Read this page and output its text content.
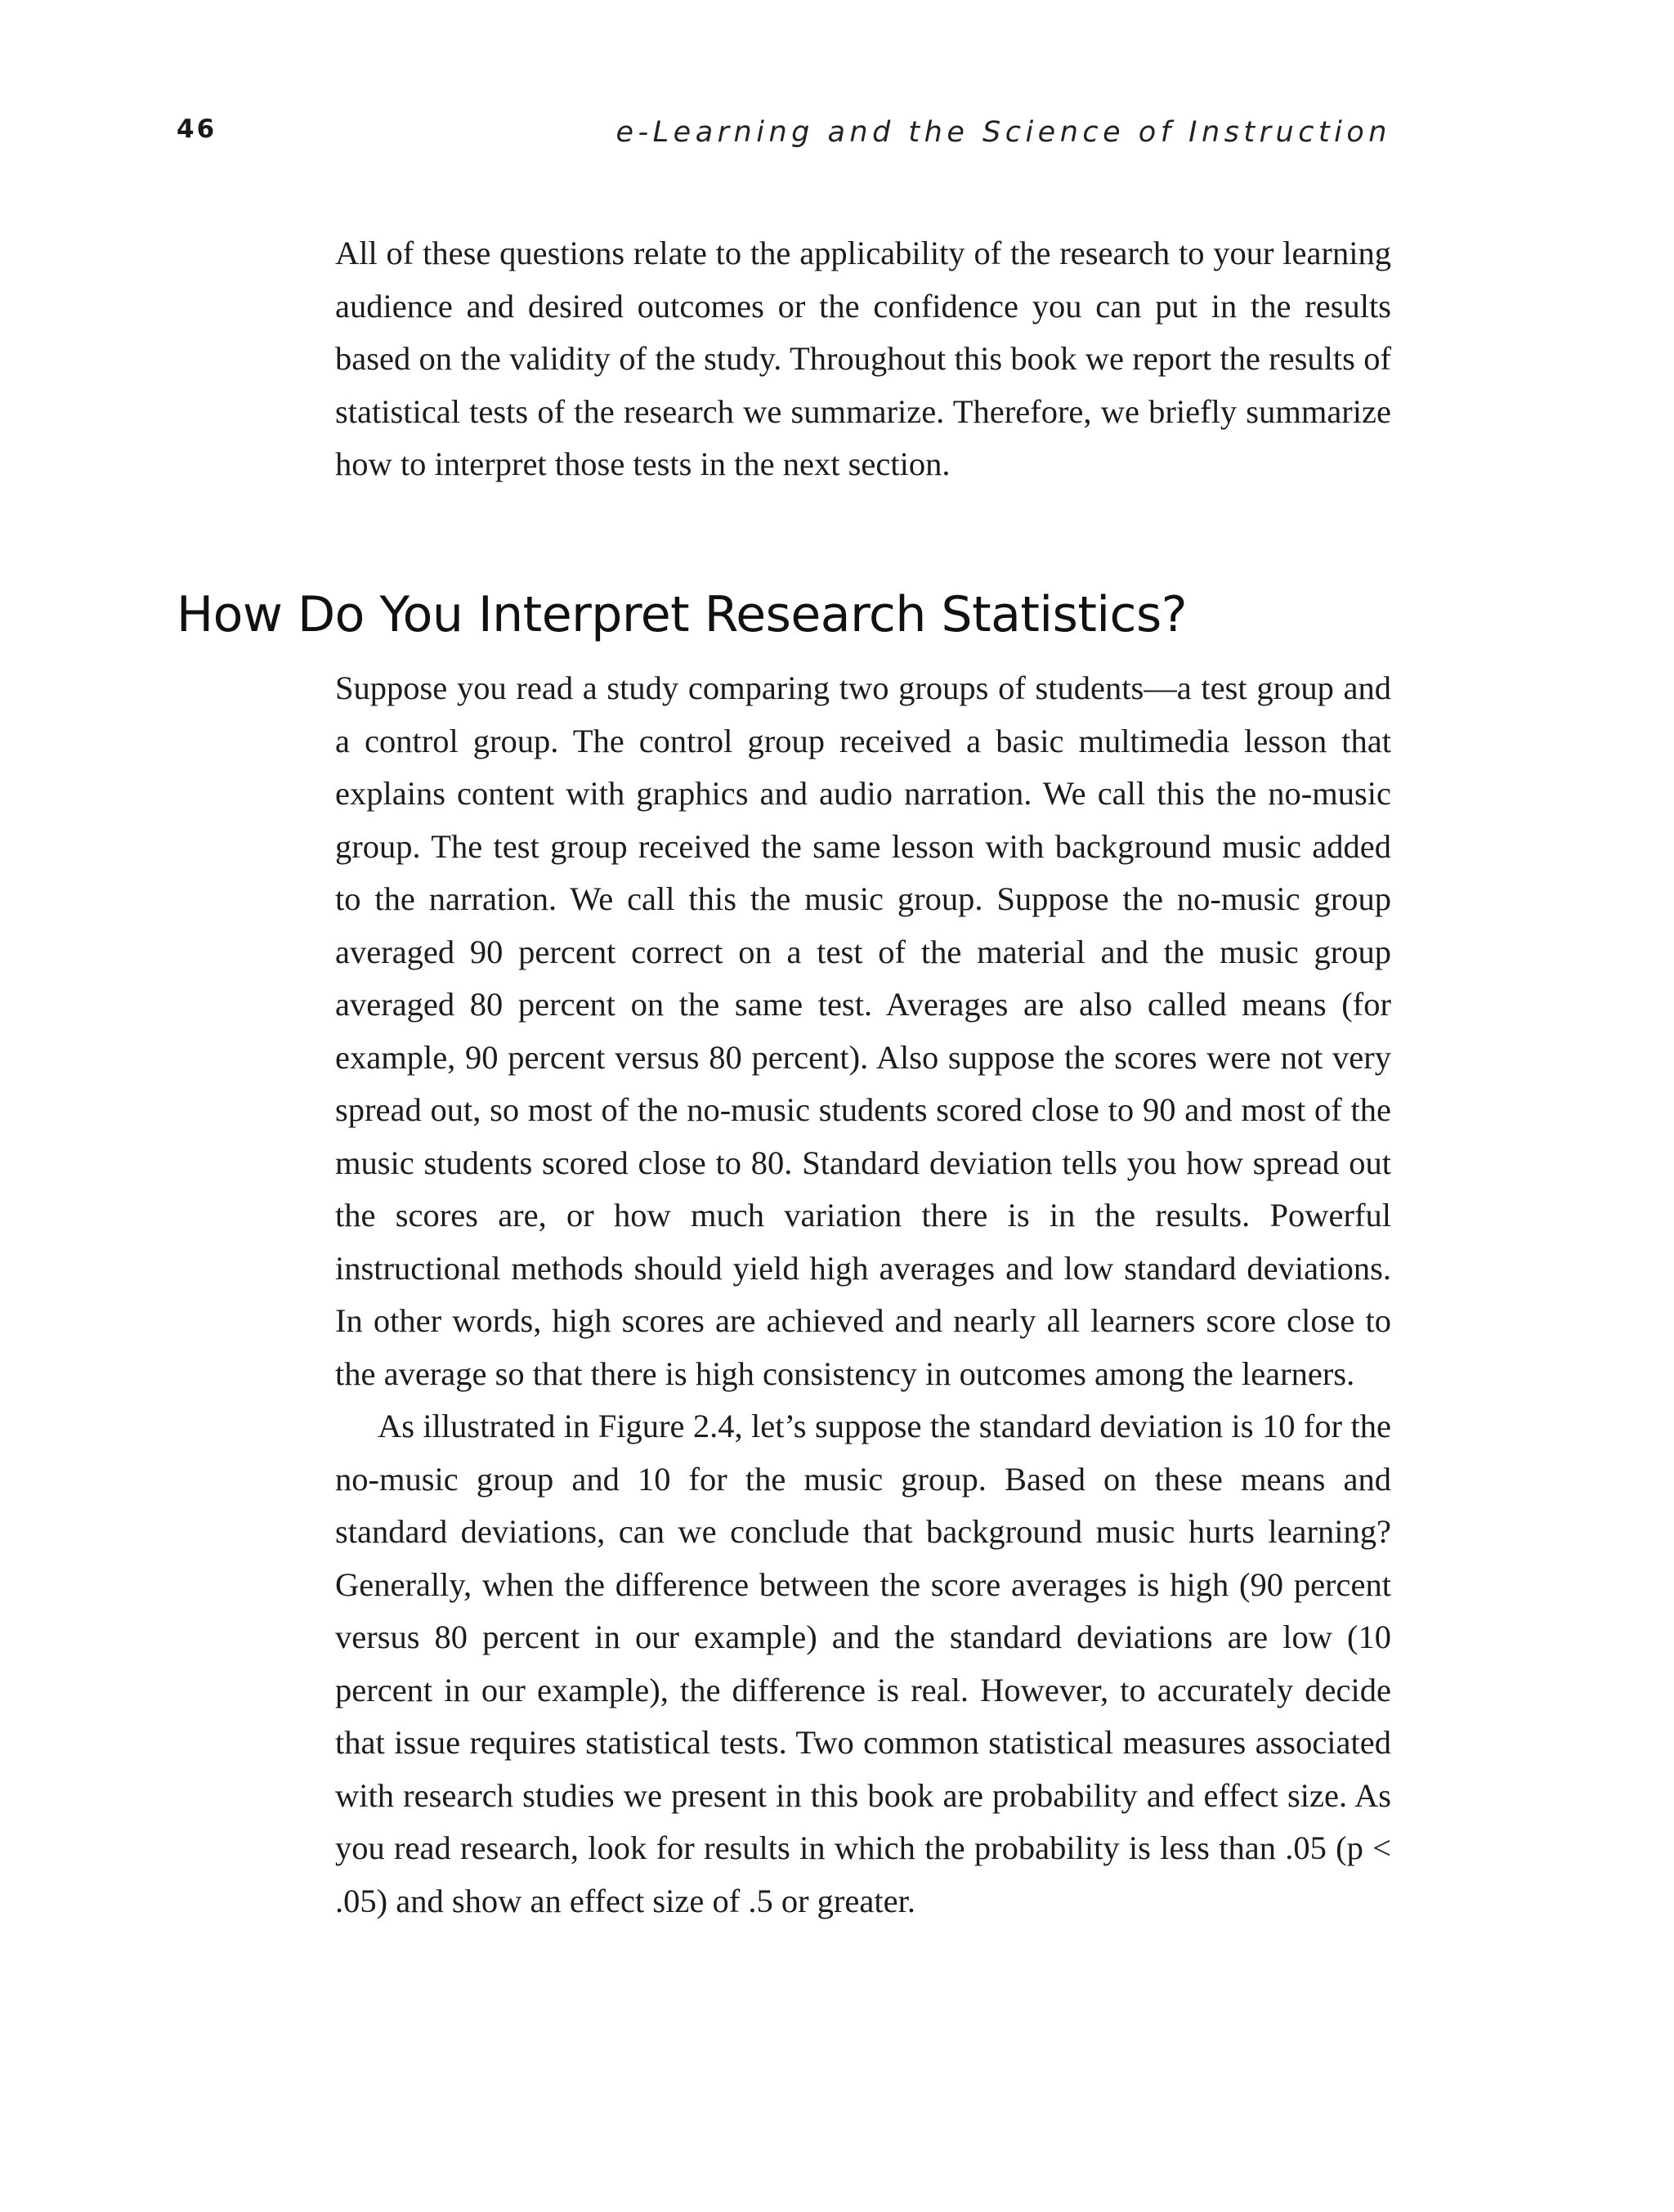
46	e-Learning and the Science of Instruction

All of these questions relate to the applicability of the research to your learning audience and desired outcomes or the confidence you can put in the results based on the validity of the study. Throughout this book we report the results of statistical tests of the research we summarize. Therefore, we briefly summarize how to interpret those tests in the next section.

How Do You Interpret Research Statistics?

Suppose you read a study comparing two groups of students—a test group and a control group. The control group received a basic multimedia lesson that explains content with graphics and audio narration. We call this the no-music group. The test group received the same lesson with background music added to the narration. We call this the music group. Suppose the no-music group averaged 90 percent correct on a test of the material and the music group averaged 80 percent on the same test. Averages are also called means (for example, 90 percent versus 80 percent). Also suppose the scores were not very spread out, so most of the no-music students scored close to 90 and most of the music students scored close to 80. Standard deviation tells you how spread out the scores are, or how much variation there is in the results. Powerful instructional methods should yield high averages and low standard deviations. In other words, high scores are achieved and nearly all learners score close to the average so that there is high consistency in outcomes among the learners.

As illustrated in Figure 2.4, let’s suppose the standard deviation is 10 for the no-music group and 10 for the music group. Based on these means and standard deviations, can we conclude that background music hurts learning? Generally, when the difference between the score averages is high (90 percent versus 80 percent in our example) and the standard deviations are low (10 percent in our example), the difference is real. However, to accurately decide that issue requires statistical tests. Two common statistical measures associated with research studies we present in this book are probability and effect size. As you read research, look for results in which the probability is less than .05 (p < .05) and show an effect size of .5 or greater.
